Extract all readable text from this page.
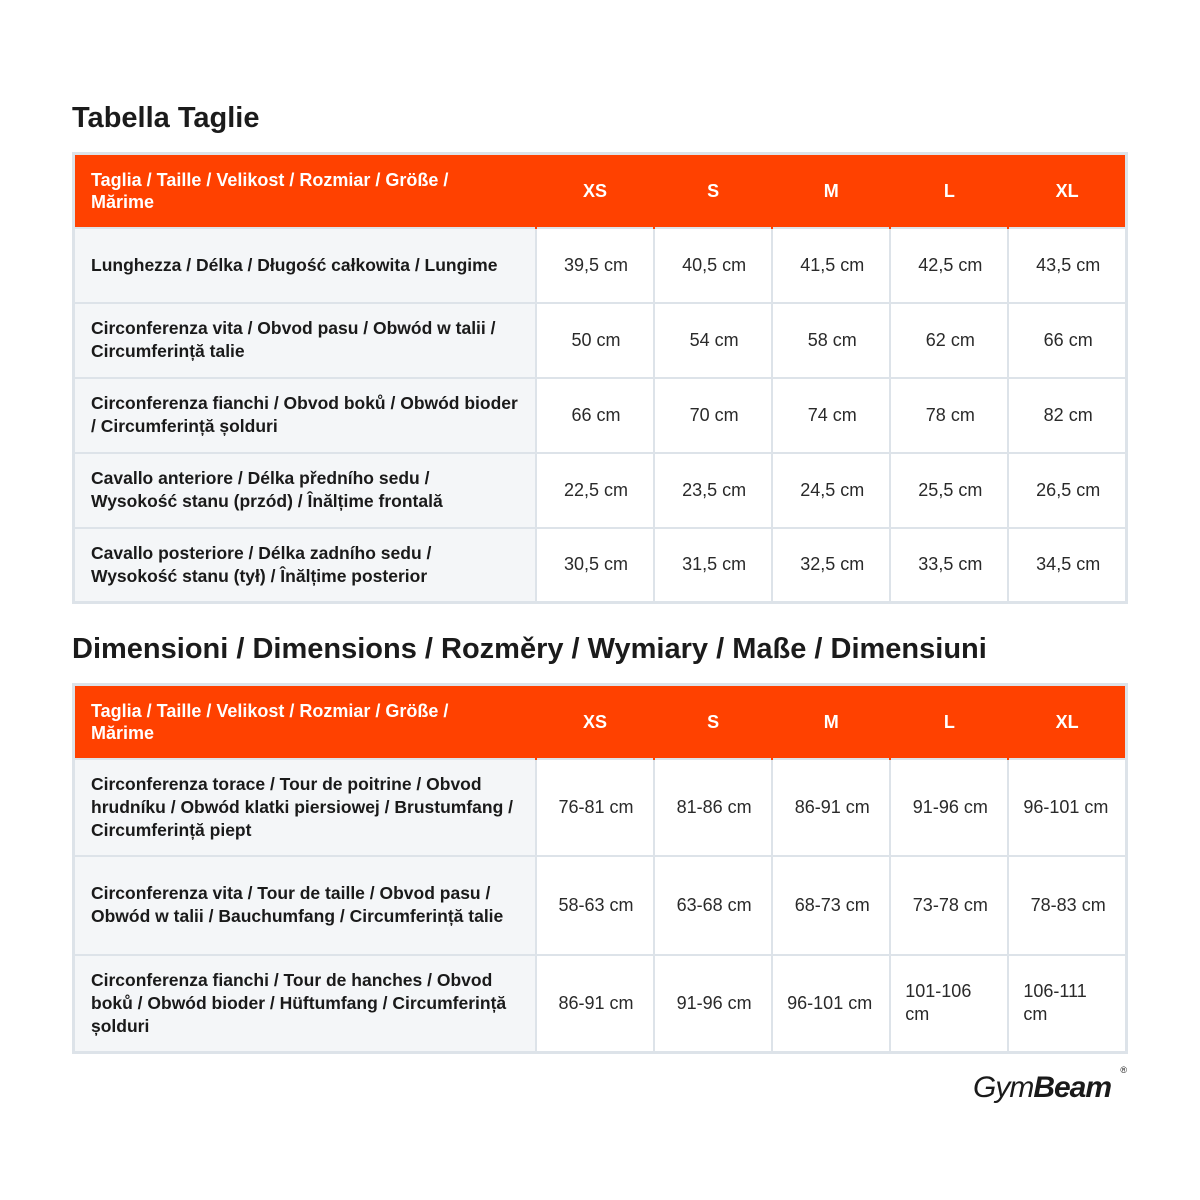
Tabella Taglie
Taglia / Taille / Velikost / Rozmiar / Größe / Mărime	XS	S	M	L	XL
Lunghezza / Délka / Długość całkowita / Lungime	39,5 cm	40,5 cm	41,5 cm	42,5 cm	43,5 cm
Circonferenza vita / Obvod pasu / Obwód w talii / Circumferință talie	50 cm	54 cm	58 cm	62 cm	66 cm
Circonferenza fianchi / Obvod boků / Obwód bioder / Circumferință șolduri	66 cm	70 cm	74 cm	78 cm	82 cm
Cavallo anteriore / Délka předního sedu / Wysokość stanu (przód) / Înălțime frontală	22,5 cm	23,5 cm	24,5 cm	25,5 cm	26,5 cm
Cavallo posteriore / Délka zadního sedu / Wysokość stanu (tył) / Înălțime posterior	30,5 cm	31,5 cm	32,5 cm	33,5 cm	34,5 cm
Dimensioni / Dimensions / Rozměry / Wymiary / Maße / Dimensiuni
Taglia / Taille / Velikost / Rozmiar / Größe / Mărime	XS	S	M	L	XL
Circonferenza torace / Tour de poitrine / Obvod hrudníku / Obwód klatki piersiowej / Brustumfang / Circumferință piept	76-81 cm	81-86 cm	86-91 cm	91-96 cm	96-101 cm
Circonferenza vita / Tour de taille / Obvod pasu / Obwód w talii / Bauchumfang / Circumferință talie	58-63 cm	63-68 cm	68-73 cm	73-78 cm	78-83 cm
Circonferenza fianchi / Tour de hanches / Obvod boků / Obwód bioder / Hüftumfang / Circumferință șolduri	86-91 cm	91-96 cm	96-101 cm	101-106 cm	106-111 cm
GymBeam
®
